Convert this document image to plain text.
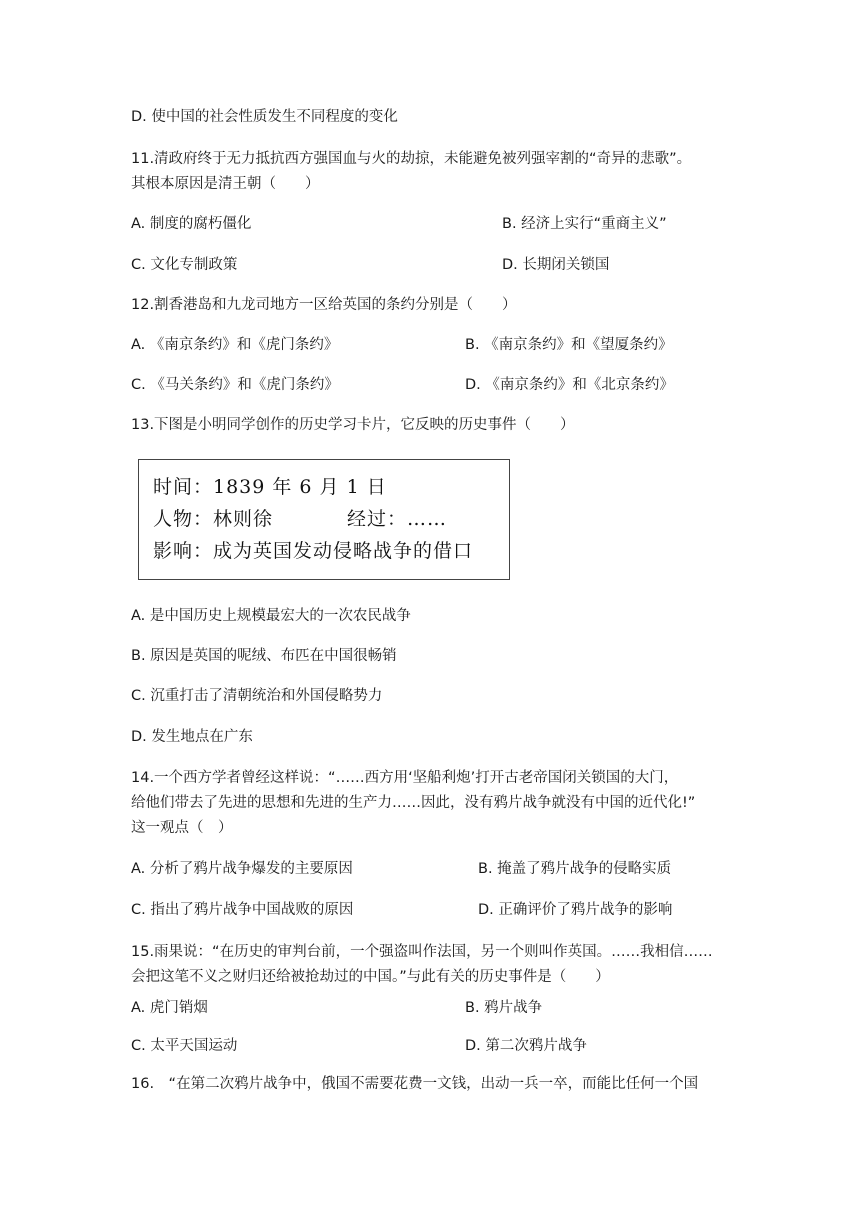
D. 使中国的社会性质发生不同程度的变化
11.清政府终于无力抵抗西方强国血与火的劫掠，未能避免被列强宰割的“奇异的悲歌”。
其根本原因是清王朝（　　）
A. 制度的腐朽僵化	B. 经济上实行“重商主义”
C. 文化专制政策	D. 长期闭关锁国
12.割香港岛和九龙司地方一区给英国的条约分别是（　　）
A. 《南京条约》和《虎门条约》	B. 《南京条约》和《望厦条约》
C. 《马关条约》和《虎门条约》	D. 《南京条约》和《北京条约》
13.下图是小明同学创作的历史学习卡片，它反映的历史事件（　　）
时间：1839 年 6 月 1 日
人物：林则徐	经过：……
影响：成为英国发动侵略战争的借口
A. 是中国历史上规模最宏大的一次农民战争
B. 原因是英国的呢绒、布匹在中国很畅销
C. 沉重打击了清朝统治和外国侵略势力
D. 发生地点在广东
14.一个西方学者曾经这样说：“……西方用‘坚船利炮’打开古老帝国闭关锁国的大门，
给他们带去了先进的思想和先进的生产力……因此，没有鸦片战争就没有中国的近代化!”
这一观点（　）
A. 分析了鸦片战争爆发的主要原因	B. 掩盖了鸦片战争的侵略实质
C. 指出了鸦片战争中国战败的原因	D. 正确评价了鸦片战争的影响
15.雨果说：“在历史的审判台前，一个强盗叫作法国，另一个则叫作英国。……我相信……
会把这笔不义之财归还给被抢劫过的中国。”与此有关的历史事件是（　　）
A. 虎门销烟	B. 鸦片战争
C. 太平天国运动	D. 第二次鸦片战争
16.　“在第二次鸦片战争中，俄国不需要花费一文钱，出动一兵一卒，而能比任何一个国
